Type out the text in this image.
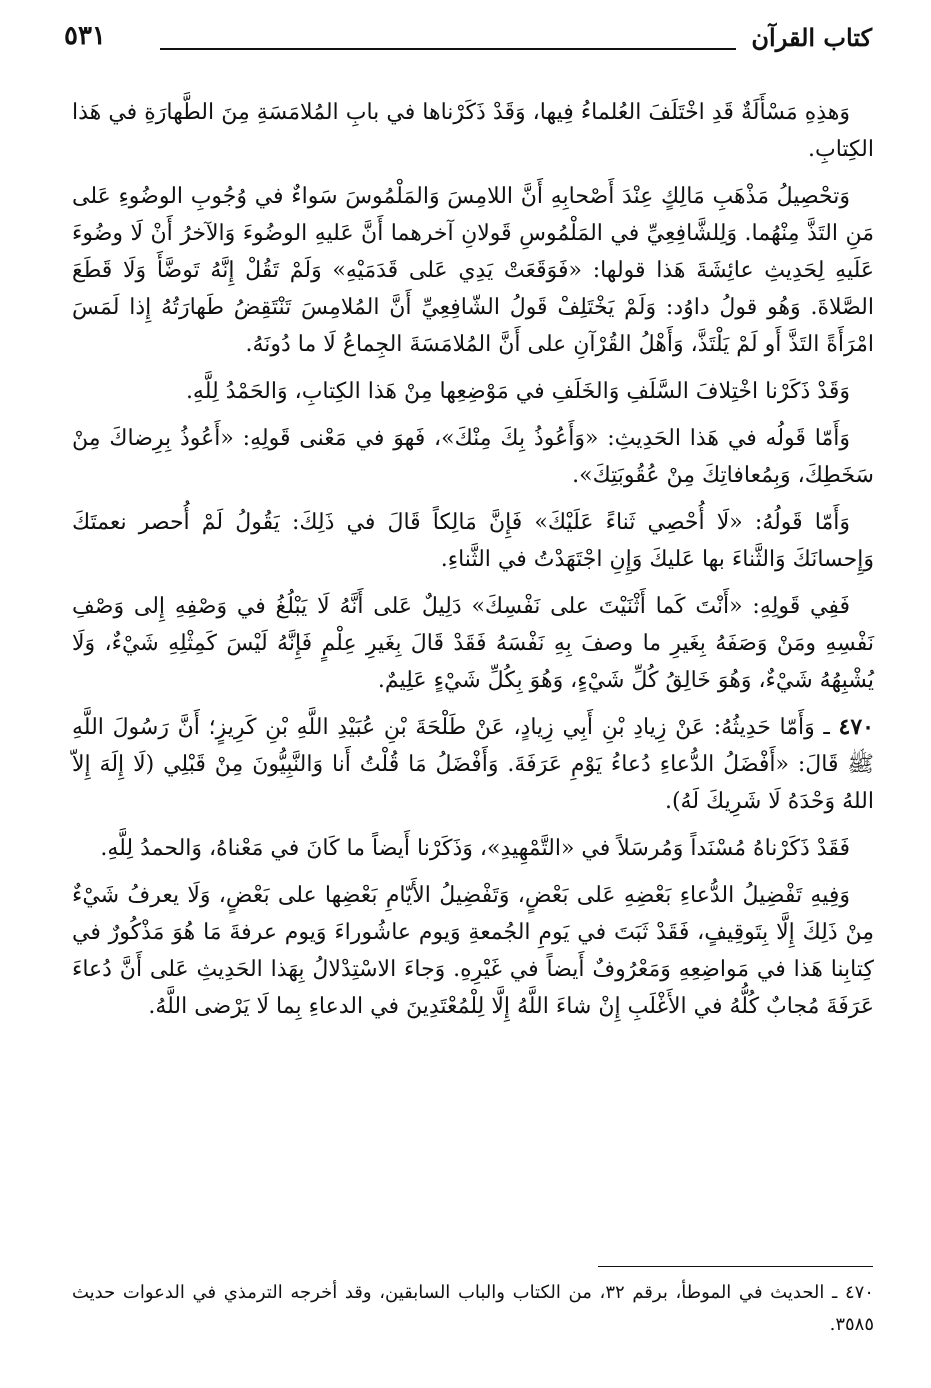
كتاب القرآن
٥٣١

وَهذِهِ مَسْأَلَةٌ قَدِ اخْتَلَفَ العُلماءُ فِيها، وَقَدْ ذَكَرْناها في بابِ المُلامَسَةِ مِنَ الطَّهارَةِ في هَذا الكِتابِ.

وَتحْصِيلُ مَذْهَبِ مَالِكٍ عِنْدَ أَصْحابِهِ أَنَّ اللامِسَ وَالمَلْمُوسَ سَواءٌ في وُجُوبِ الوضُوءِ عَلى مَنِ التَذَّ مِنْهُما. وَلِلشَّافِعِيِّ في المَلْمُوسِ قَولانِ آخرهما أَنَّ عَليهِ الوضُوءَ وَالآخرُ أَنْ لَا وضُوءَ عَلَيهِ لِحَدِيثِ عائِشَةَ هَذا قولها: «فَوَقَعَتْ يَدِي عَلى قَدَمَيْهِ» وَلَمْ تَقُلْ إِنَّهُ تَوضَّأَ وَلَا قَطَعَ الصَّلاةَ. وَهُو قولُ داوُد: وَلَمْ يَخْتَلِفْ قَولُ الشّافِعِيِّ أَنَّ المُلامِسَ تَنْتَقِضُ طَهارَتُهُ إِذا لَمَسَ امْرَأَةً التَذَّ أَو لَمْ يَلْتَذَّ، وَأَهْلُ القُرْآنِ على أَنَّ المُلامَسَةَ الجِماعُ لَا ما دُونَهُ.

وَقَدْ ذَكَرْنا اخْتِلافَ السَّلَفِ وَالخَلَفِ في مَوْضِعِها مِنْ هَذا الكِتابِ، وَالحَمْدُ لِلَّهِ.

وَأَمّا قَولُه في هَذا الحَدِيثِ: «وَأَعُوذُ بِكَ مِنْكَ»، فَهوَ في مَعْنى قَولِهِ: «أَعُوذُ بِرِضاكَ مِنْ سَخَطِكَ، وَبِمُعافاتِكَ مِنْ عُقُوبَتِكَ».

وَأَمّا قَولُهُ: «لَا أُحْصِي ثَناءً عَلَيْكَ» فَإِنَّ مَالِكاً قَالَ في ذَلِكَ: يَقُولُ لَمْ أُحصر نعمتَكَ وَإِحسانَكَ وَالثَّناءَ بها عَليكَ وَإِنِ اجْتَهَدْتُ في الثَّناءِ.

فَفِي قَولِهِ: «أَنْتَ كَما أَثْنَيْتَ على نَفْسِكَ» دَلِيلٌ عَلى أَنَّهُ لَا يَبْلُغُ في وَصْفِهِ إِلى وَصْفِ نَفْسِهِ ومَنْ وَصَفَهُ بِغَيرِ ما وصفَ بِهِ نَفْسَهُ فَقَدْ قَالَ بِغَيرِ عِلْمٍ فَإِنَّهُ لَيْسَ كَمِثْلِهِ شَيْءٌ، وَلَا يُشْبِهُهُ شَيْءٌ، وَهُوَ خَالِقُ كُلِّ شَيْءٍ، وَهُوَ بِكُلِّ شَيْءٍ عَلِيمٌ.

٤٧٠ ـ وَأَمّا حَدِيثُهُ: عَنْ زِيادِ بْنِ أَبِي زِيادٍ، عَنْ طَلْحَةَ بْنِ عُبَيْدِ اللَّهِ بْنِ كَرِيزٍ؛ أَنَّ رَسُولَ اللَّهِ ﷺ قَالَ: «أَفْضَلُ الدُّعاءِ دُعاءُ يَوْمِ عَرَفَةَ. وَأَفْضَلُ مَا قُلْتُ أَنا وَالنَّبِيُّونَ مِنْ قَبْلِي (لَا إِلَهَ إِلاّ اللهُ وَحْدَهُ لَا شَرِيكَ لَهُ).

فَقَدْ ذَكَرْناهُ مُسْنَداً وَمُرسَلاً في «التَّمْهِيدِ»، وَذَكَرْنا أَيضاً ما كَانَ في مَعْناهُ، وَالحمدُ لِلَّهِ.

وَفِيهِ تَفْضِيلُ الدُّعاءِ بَعْضِهِ عَلى بَعْضٍ، وَتَفْضِيلُ الأَيّامِ بَعْضِها على بَعْضٍ، وَلَا يعرفُ شَيْءٌ مِنْ ذَلِكَ إِلَّا بِتَوقِيفٍ، فَقَدْ ثَبَتَ في يَومِ الجُمعةِ وَيوم عاشُوراءَ وَيوم عرفةَ مَا هُوَ مَذْكُورٌ في كِتابِنا هَذا في مَواضِعِهِ وَمَعْرُوفٌ أَيضاً في غَيْرِهِ. وَجاءَ الاسْتِدْلالُ بِهَذا الحَدِيثِ عَلى أَنَّ دُعاءَ عَرَفَةَ مُجابٌ كُلُّهُ في الأَغْلَبِ إِنْ شاءَ اللَّهُ إِلَّا لِلْمُعْتَدِينَ في الدعاءِ بِما لَا يَرْضى اللَّهُ.

٤٧٠ ـ الحديث في الموطأ، برقم ٣٢، من الكتاب والباب السابقين، وقد أخرجه الترمذي في الدعوات حديث ٣٥٨٥.
